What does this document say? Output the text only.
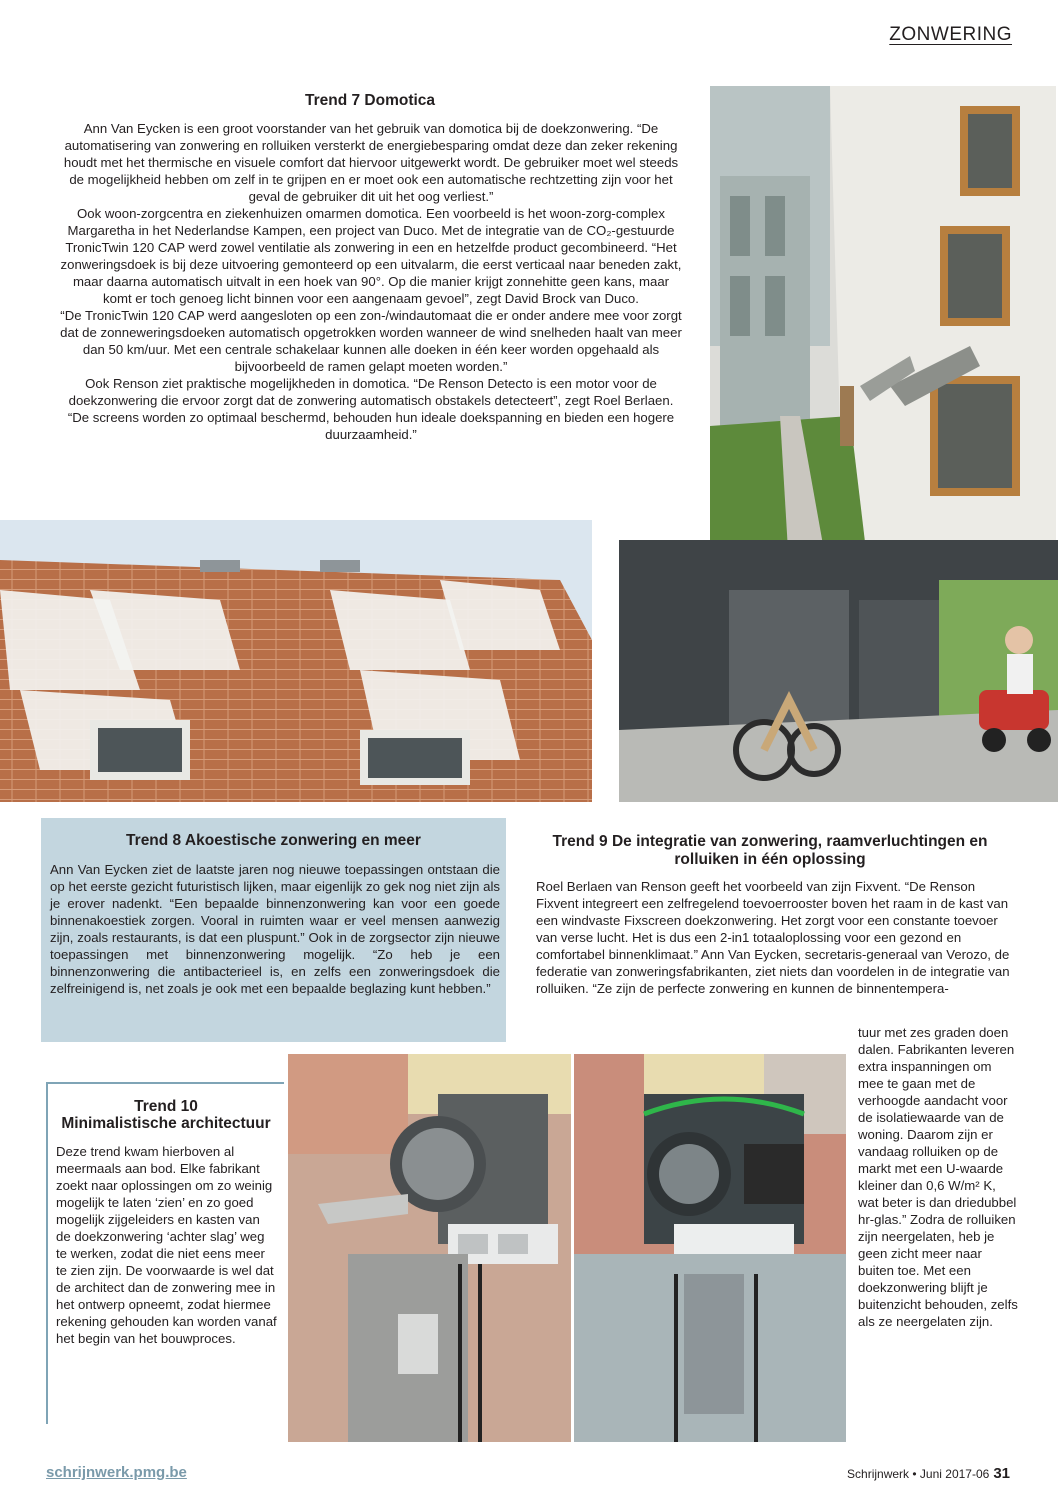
ZONWERING
Trend 7 Domotica

Ann Van Eycken is een groot voorstander van het gebruik van domotica bij de doekzonwering. “De automatisering van zonwering en rolluiken versterkt de energiebesparing omdat deze dan zeker rekening houdt met het thermische en visuele comfort dat hiervoor uitgewerkt wordt. De gebruiker moet wel steeds de mogelijkheid hebben om zelf in te grijpen en er moet ook een automatische rechtzetting zijn voor het geval de gebruiker dit uit het oog verliest.”

Ook woon-zorgcentra en ziekenhuizen omarmen domotica. Een voorbeeld is het woon-zorg-complex Margaretha in het Nederlandse Kampen, een project van Duco. Met de integratie van de CO₂-gestuurde TronicTwin 120 CAP werd zowel ventilatie als zonwering in een en hetzelfde product gecombineerd. “Het zonweringsdoek is bij deze uitvoering gemonteerd op een uitvalarm, die eerst verticaal naar beneden zakt, maar daarna automatisch uitvalt in een hoek van 90°. Op die manier krijgt zonnehitte geen kans, maar komt er toch genoeg licht binnen voor een aangenaam gevoel”, zegt David Brock van Duco.

“De TronicTwin 120 CAP werd aangesloten op een zon-/windautomaat die er onder andere mee voor zorgt dat de zonneweringsdoeken automatisch opgetrokken worden wanneer de wind snelheden haalt van meer dan 50 km/uur. Met een centrale schakelaar kunnen alle doeken in één keer worden opgehaald als bijvoorbeeld de ramen gelapt moeten worden.”

Ook Renson ziet praktische mogelijkheden in domotica. “De Renson Detecto is een motor voor de doekzonwering die ervoor zorgt dat de zonwering automatisch obstakels detecteert”, zegt Roel Berlaen. “De screens worden zo optimaal beschermd, behouden hun ideale doekspanning en bieden een hogere duurzaamheid.”

Trend 8 Akoestische zonwering en meer
Ann Van Eycken ziet de laatste jaren nog nieuwe toepassingen ontstaan die op het eerste gezicht futuristisch lijken, maar eigenlijk zo gek nog niet zijn als je erover nadenkt. “Een bepaalde binnenzonwering kan voor een goede binnenakoestiek zorgen. Vooral in ruimten waar er veel mensen aanwezig zijn, zoals restaurants, is dat een pluspunt.” Ook in de zorgsector zijn nieuwe toepassingen met binnenzonwering mogelijk. “Zo heb je een binnenzonwering die antibacterieel is, en zelfs een zonweringsdoek die zelfreinigend is, net zoals je ook met een bepaalde beglazing kunt hebben.”
Trend 9 De integratie van zonwering, raamverluchtingen en rolluiken in één oplossing
Roel Berlaen van Renson geeft het voorbeeld van zijn Fixvent. “De Renson Fixvent integreert een zelfregelend toevoerrooster boven het raam in de kast van een windvaste Fixscreen doekzonwering. Het zorgt voor een constante toevoer van verse lucht. Het is dus een 2-in1 totaaloplossing voor een gezond en comfortabel binnenklimaat.” Ann Van Eycken, secretaris-generaal van Verozo, de federatie van zonweringsfabrikanten, ziet niets dan voordelen in de integratie van rolluiken. “Ze zijn de perfecte zonwering en kunnen de binnentempera-
tuur met zes graden doen dalen. Fabrikanten leveren extra inspanningen om mee te gaan met de verhoogde aandacht voor de isolatiewaarde van de woning. Daarom zijn er vandaag rolluiken op de markt met een U-waarde kleiner dan 0,6 W/m² K, wat beter is dan driedubbel hr-glas.” Zodra de rolluiken zijn neergelaten, heb je geen zicht meer naar buiten toe. Met een doekzonwering blijft je buitenzicht behouden, zelfs als ze neergelaten zijn.
Trend 10
Minimalistische architectuur
Deze trend kwam hierboven al meermaals aan bod. Elke fabrikant zoekt naar oplossingen om zo weinig mogelijk te laten ‘zien’ en zo goed mogelijk zijgeleiders en kasten van de doekzonwering ‘achter slag’ weg te werken, zodat die niet eens meer te zien zijn. De voorwaarde is wel dat de architect dan de zonwering mee in het ontwerp opneemt, zodat hiermee rekening gehouden kan worden vanaf het begin van het bouwproces.
schrijnwerk.pmg.be	Schrijnwerk • Juni 2017-06 31
